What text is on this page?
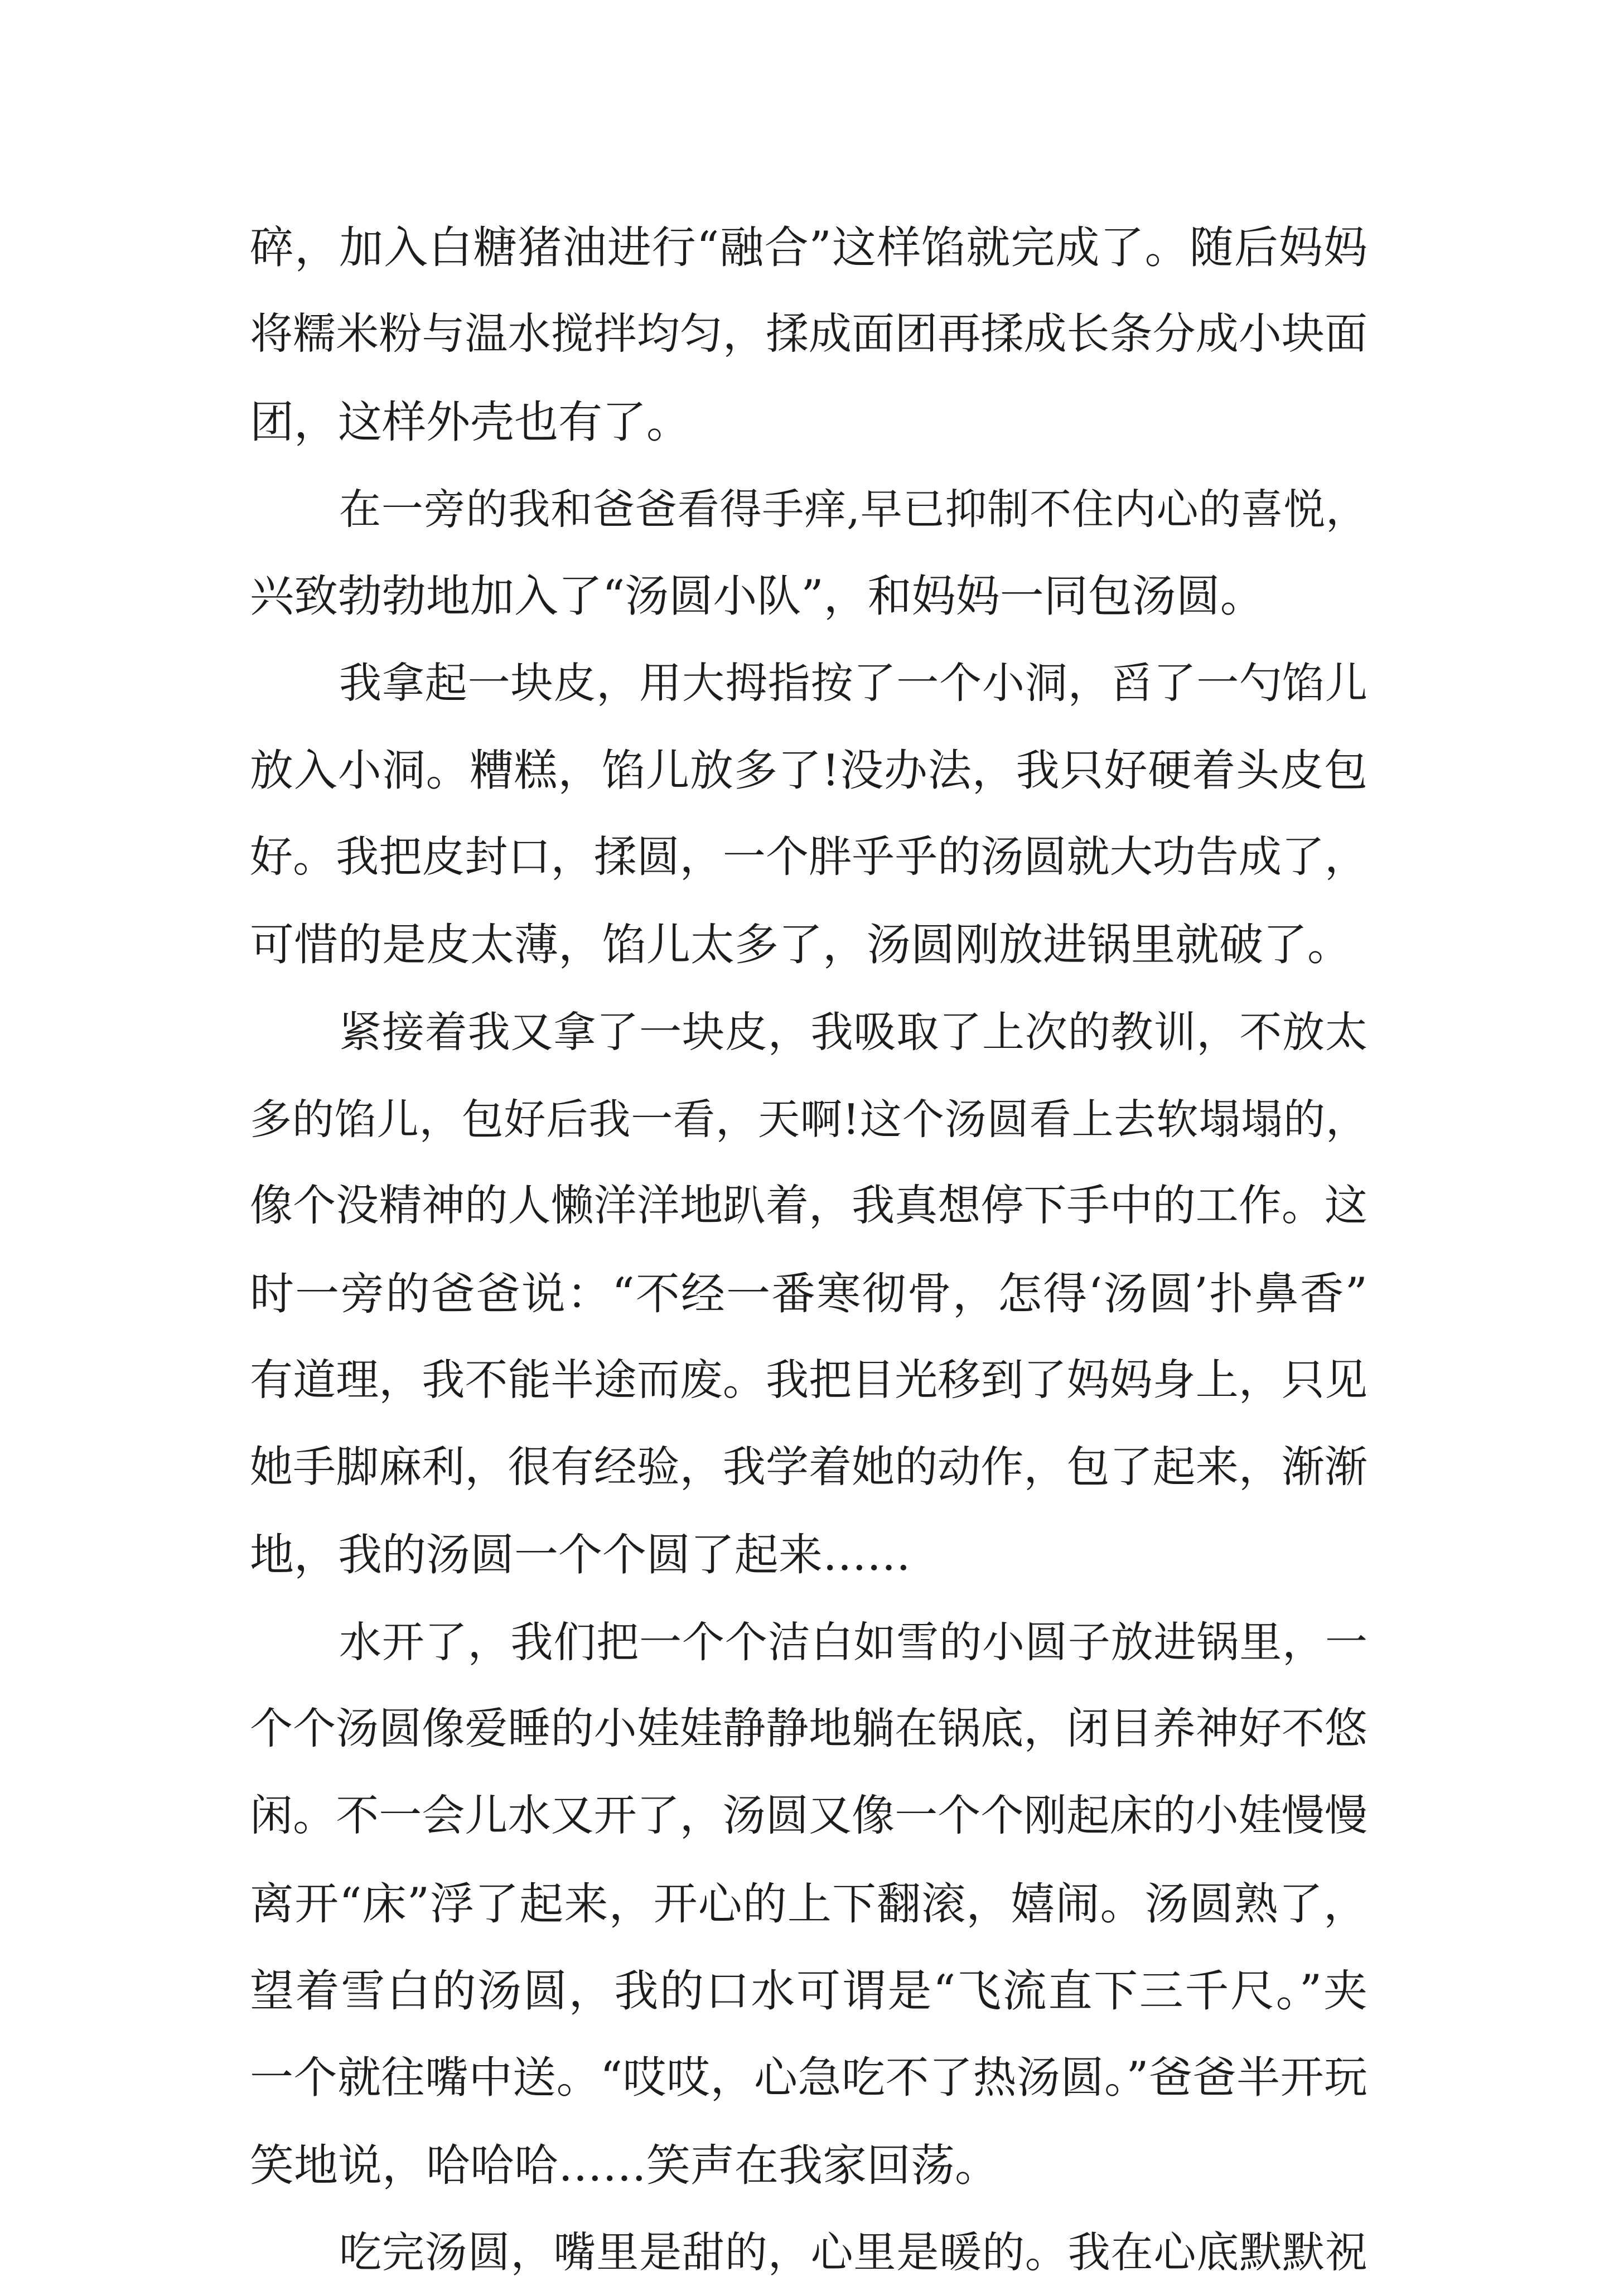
碎，加入白糖猪油进行“融合”这样馅就完成了。随后妈妈
将糯米粉与温水搅拌均匀，揉成面团再揉成长条分成小块面
团，这样外壳也有了。
在一旁的我和爸爸看得手痒,早已抑制不住内心的喜悦，
兴致勃勃地加入了“汤圆小队”，和妈妈一同包汤圆。
我拿起一块皮，用大拇指按了一个小洞，舀了一勺馅儿
放入小洞。糟糕，馅儿放多了!没办法，我只好硬着头皮包
好。我把皮封口，揉圆，一个胖乎乎的汤圆就大功告成了，
可惜的是皮太薄，馅儿太多了，汤圆刚放进锅里就破了。
紧接着我又拿了一块皮，我吸取了上次的教训，不放太
多的馅儿，包好后我一看，天啊!这个汤圆看上去软塌塌的，
像个没精神的人懒洋洋地趴着，我真想停下手中的工作。这
时一旁的爸爸说：“不经一番寒彻骨，怎得‘汤圆’扑鼻香”
有道理，我不能半途而废。我把目光移到了妈妈身上，只见
她手脚麻利，很有经验，我学着她的动作，包了起来，渐渐
地，我的汤圆一个个圆了起来……
水开了，我们把一个个洁白如雪的小圆子放进锅里，一
个个汤圆像爱睡的小娃娃静静地躺在锅底，闭目养神好不悠
闲。不一会儿水又开了，汤圆又像一个个刚起床的小娃慢慢
离开“床”浮了起来，开心的上下翻滚，嬉闹。汤圆熟了，
望着雪白的汤圆，我的口水可谓是“飞流直下三千尺。”夹
一个就往嘴中送。“哎哎，心急吃不了热汤圆。”爸爸半开玩
笑地说，哈哈哈……笑声在我家回荡。
吃完汤圆，嘴里是甜的，心里是暖的。我在心底默默祝
